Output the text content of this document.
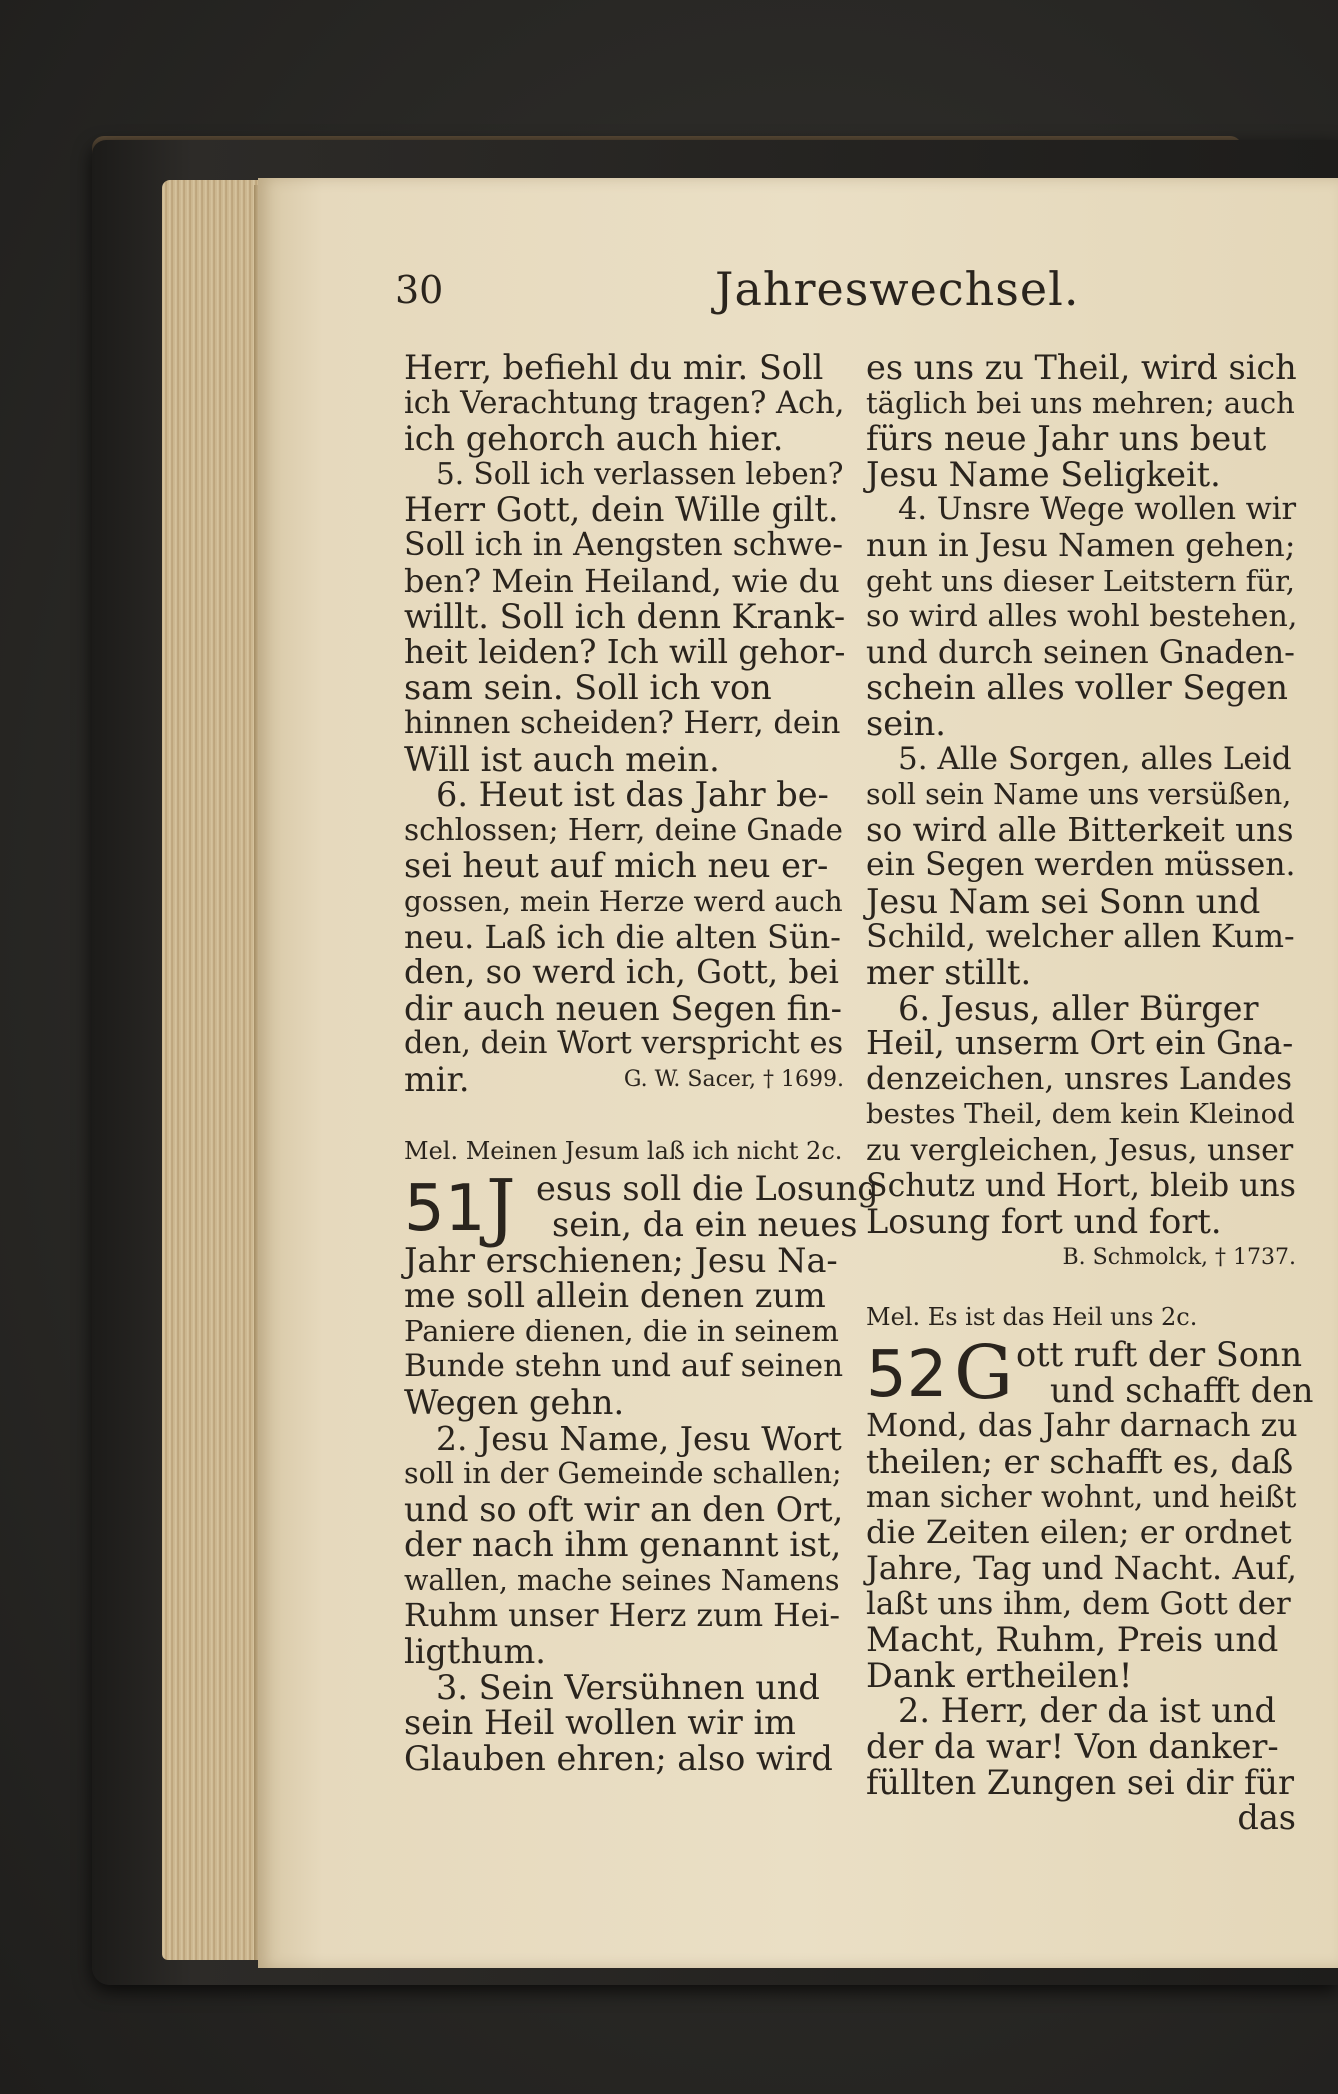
30	Jahreswechsel.
Herr, befiehl du mir. Soll
ich Verachtung tragen? Ach,
ich gehorch auch hier.
5. Soll ich verlassen leben?
Herr Gott, dein Wille gilt.
Soll ich in Aengsten schwe-
ben? Mein Heiland, wie du
willt. Soll ich denn Krank-
heit leiden? Ich will gehor-
sam sein. Soll ich von
hinnen scheiden? Herr, dein
Will ist auch mein.
6. Heut ist das Jahr be-
schlossen; Herr, deine Gnade
sei heut auf mich neu er-
gossen, mein Herze werd auch
neu. Laß ich die alten Sün-
den, so werd ich, Gott, bei
dir auch neuen Segen fin-
den, dein Wort verspricht es
mir.	G. W. Sacer, † 1699.
Mel. Meinen Jesum laß ich nicht 2c.
51 J esus soll die Losung
sein, da ein neues
Jahr erschienen; Jesu Na-
me soll allein denen zum
Paniere dienen, die in seinem
Bunde stehn und auf seinen
Wegen gehn.
2. Jesu Name, Jesu Wort
soll in der Gemeinde schallen;
und so oft wir an den Ort,
der nach ihm genannt ist,
wallen, mache seines Namens
Ruhm unser Herz zum Hei-
ligthum.
3. Sein Versühnen und
sein Heil wollen wir im
Glauben ehren; also wird
es uns zu Theil, wird sich
täglich bei uns mehren; auch
fürs neue Jahr uns beut
Jesu Name Seligkeit.
4. Unsre Wege wollen wir
nun in Jesu Namen gehen;
geht uns dieser Leitstern für,
so wird alles wohl bestehen,
und durch seinen Gnaden-
schein alles voller Segen
sein.
5. Alle Sorgen, alles Leid
soll sein Name uns versüßen,
so wird alle Bitterkeit uns
ein Segen werden müssen.
Jesu Nam sei Sonn und
Schild, welcher allen Kum-
mer stillt.
6. Jesus, aller Bürger
Heil, unserm Ort ein Gna-
denzeichen, unsres Landes
bestes Theil, dem kein Kleinod
zu vergleichen, Jesus, unser
Schutz und Hort, bleib uns
Losung fort und fort.
B. Schmolck, † 1737.
Mel. Es ist das Heil uns 2c.
52 G ott ruft der Sonn
und schafft den
Mond, das Jahr darnach zu
theilen; er schafft es, daß
man sicher wohnt, und heißt
die Zeiten eilen; er ordnet
Jahre, Tag und Nacht. Auf,
laßt uns ihm, dem Gott der
Macht, Ruhm, Preis und
Dank ertheilen!
2. Herr, der da ist und
der da war! Von danker-
füllten Zungen sei dir für
das
